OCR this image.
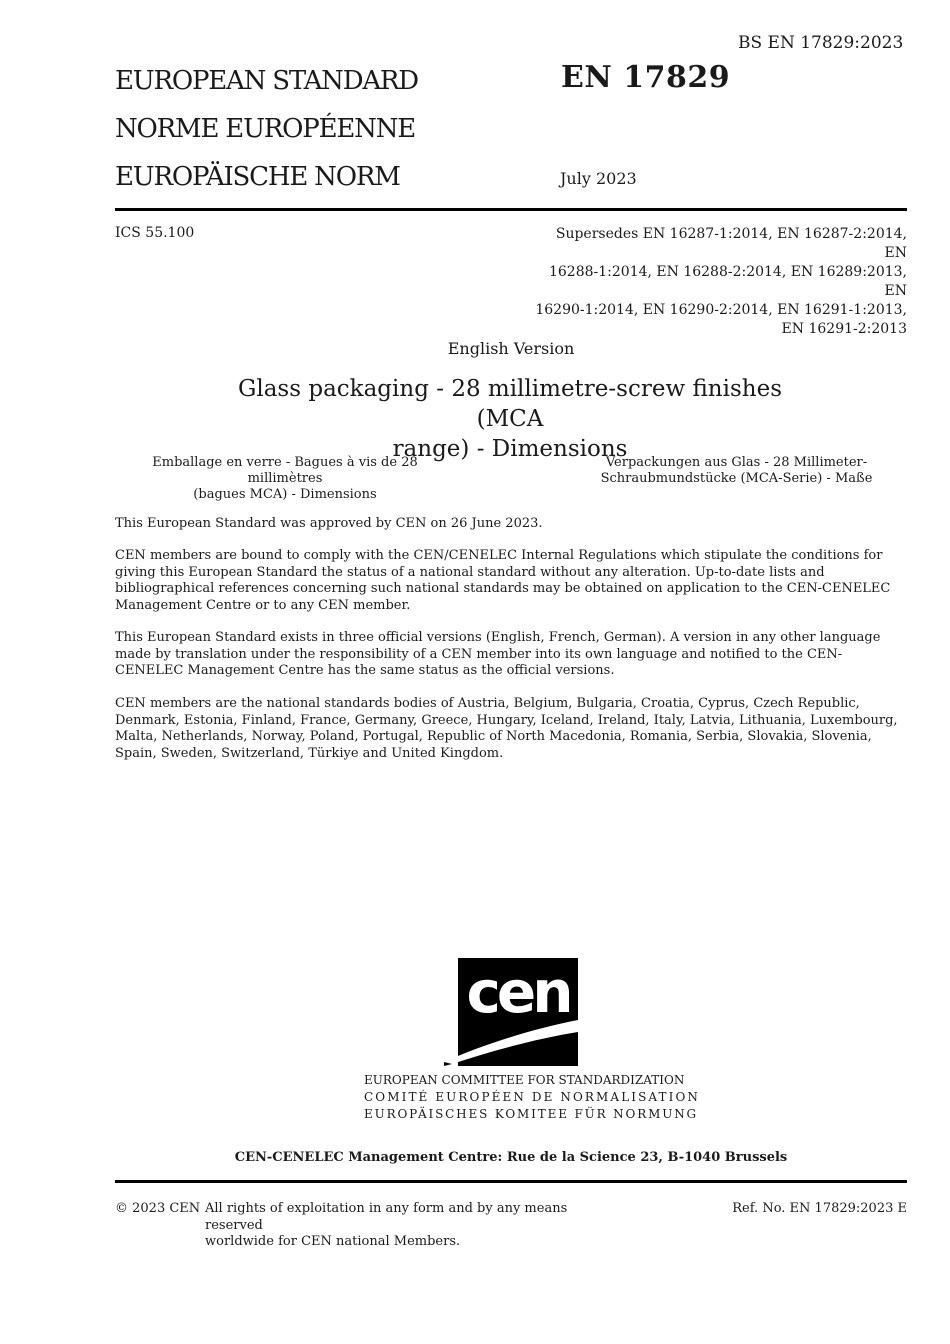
BS EN 17829:2023
EUROPEAN STANDARD
NORME EUROPÉENNE
EUROPÄISCHE NORM
EN 17829
July 2023
ICS 55.100	Supersedes EN 16287-1:2014, EN 16287-2:2014, EN
16288-1:2014, EN 16288-2:2014, EN 16289:2013, EN
16290-1:2014, EN 16290-2:2014, EN 16291-1:2013,
EN 16291-2:2013
English Version
Glass packaging - 28 millimetre-screw finishes (MCA
range) - Dimensions
Emballage en verre - Bagues à vis de 28 millimètres
(bagues MCA) - Dimensions
Verpackungen aus Glas - 28 Millimeter-
Schraubmundstücke (MCA-Serie) - Maße

This European Standard was approved by CEN on 26 June 2023.

CEN members are bound to comply with the CEN/CENELEC Internal Regulations which stipulate the conditions for giving this European Standard the status of a national standard without any alteration. Up-to-date lists and bibliographical references concerning such national standards may be obtained on application to the CEN-CENELEC Management Centre or to any CEN member.

This European Standard exists in three official versions (English, French, German). A version in any other language made by translation under the responsibility of a CEN member into its own language and notified to the CEN-CENELEC Management Centre has the same status as the official versions.

CEN members are the national standards bodies of Austria, Belgium, Bulgaria, Croatia, Cyprus, Czech Republic, Denmark, Estonia, Finland, France, Germany, Greece, Hungary, Iceland, Ireland, Italy, Latvia, Lithuania, Luxembourg, Malta, Netherlands, Norway, Poland, Portugal, Republic of North Macedonia, Romania, Serbia, Slovakia, Slovenia, Spain, Sweden, Switzerland, Türkiye and United Kingdom.

cen
EUROPEAN COMMITTEE FOR STANDARDIZATION
COMITÉ EUROPÉEN DE NORMALISATION
EUROPÄISCHES KOMITEE FÜR NORMUNG
CEN-CENELEC Management Centre: Rue de la Science 23, B-1040 Brussels
© 2023 CEN All rights of exploitation in any form and by any means reserved
worldwide for CEN national Members.
Ref. No. EN 17829:2023 E
